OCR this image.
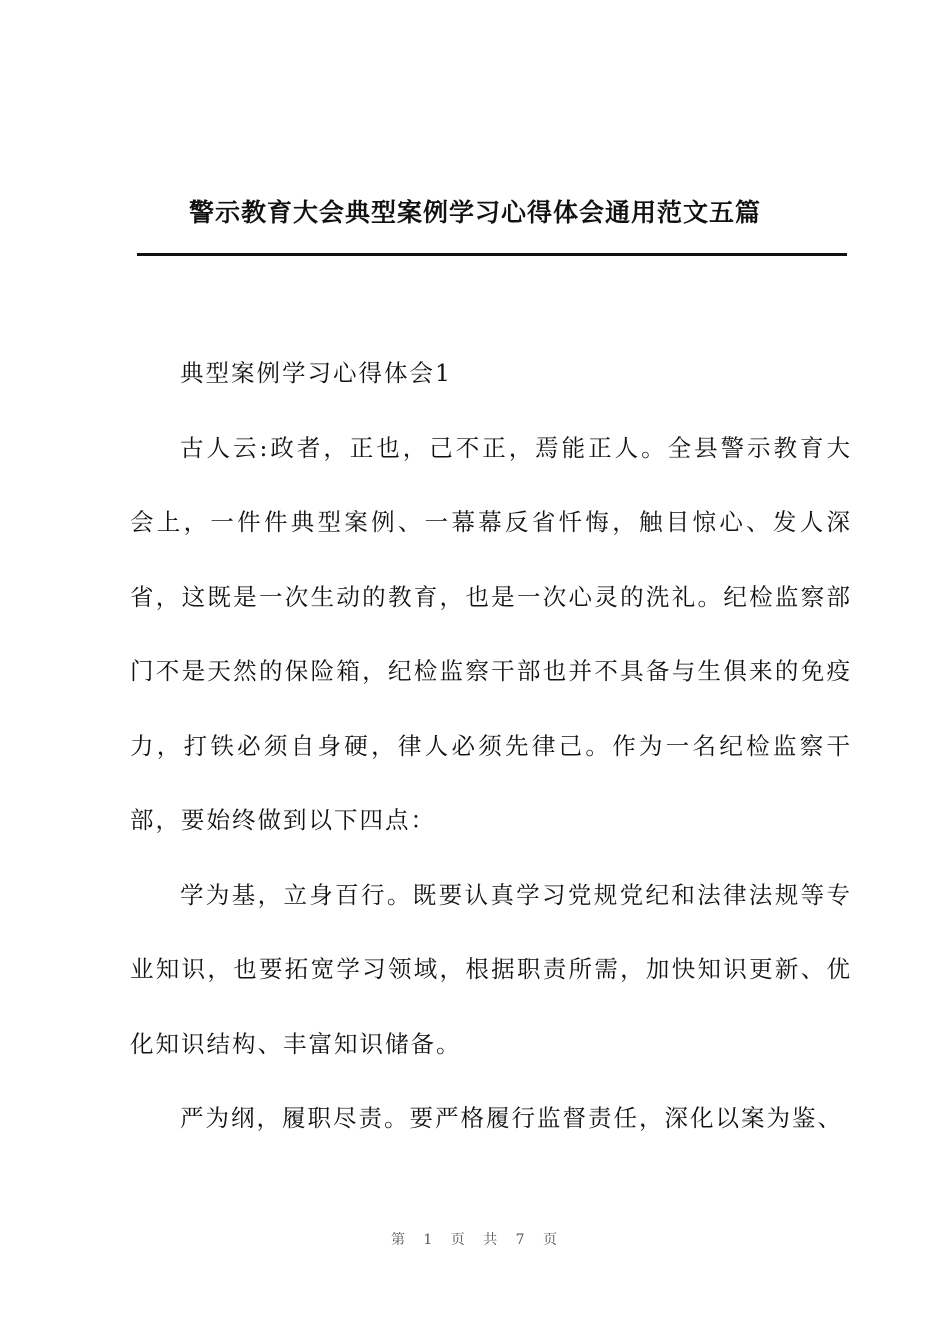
警示教育大会典型案例学习心得体会通用范文五篇

典型案例学习心得体会1

古人云:政者，正也，己不正，焉能正人。全县警示教育大会上，一件件典型案例、一幕幕反省忏悔，触目惊心、发人深省，这既是一次生动的教育，也是一次心灵的洗礼。纪检监察部门不是天然的保险箱，纪检监察干部也并不具备与生俱来的免疫力，打铁必须自身硬，律人必须先律己。作为一名纪检监察干部，要始终做到以下四点：

学为基，立身百行。既要认真学习党规党纪和法律法规等专业知识，也要拓宽学习领域，根据职责所需，加快知识更新、优化知识结构、丰富知识储备。

严为纲，履职尽责。要严格履行监督责任，深化以案为鉴、

第 1 页 共 7 页
